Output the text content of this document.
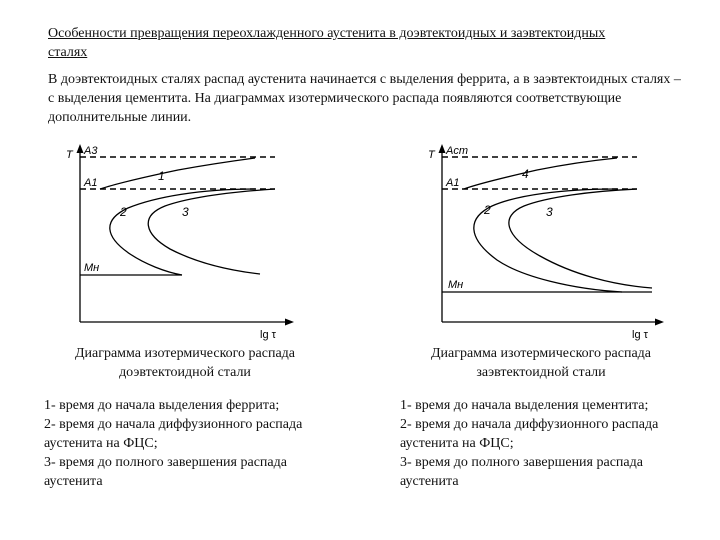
Особенности превращения переохлажденного аустенита в доэвтектоидных и заэвтектоидных сталях
В доэвтектоидных сталях распад аустенита начинается с выделения феррита, а в заэвтектоидных сталях – с выделения цементита. На диаграммах изотермического распада появляются соответствующие дополнительные линии.
T A3
A1
Mн
1
2	3
lg τ
Диаграмма изотермического распада
доэвтектоидной стали
1- время до начала выделения феррита;
2- время до начала диффузионного распада
аустенита на ФЦС;
3- время до полного завершения распада
аустенита
T Acm
A1
Mн
4
2	3
lg τ
Диаграмма изотермического распада
заэвтектоидной стали
1- время до начала выделения цементита;
2- время до начала диффузионного распада
аустенита на ФЦС;
3- время до полного завершения распада
аустенита
